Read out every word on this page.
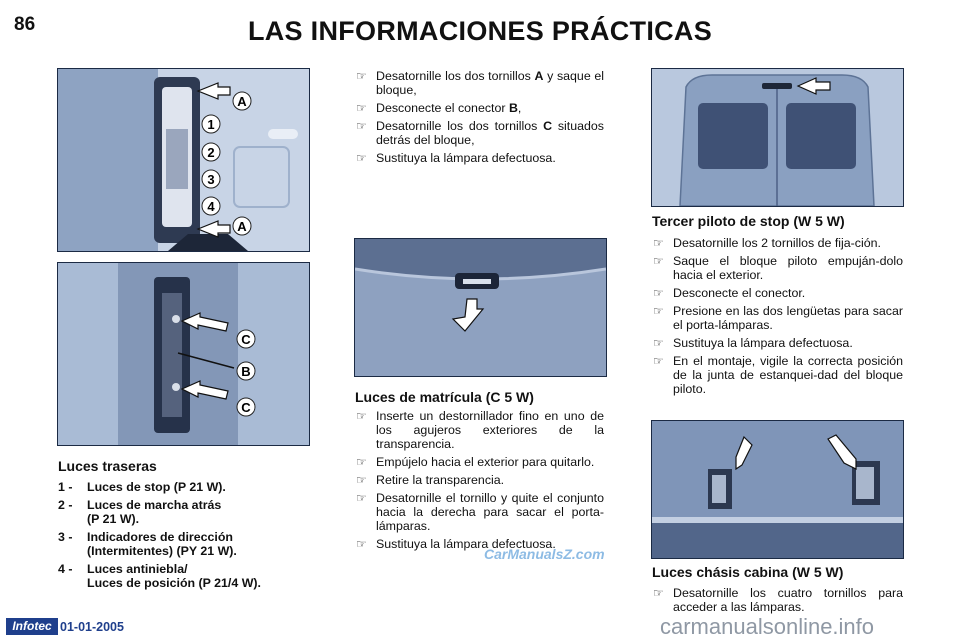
86	LAS INFORMACIONES PRÁCTICAS
A
1
2
3
4
A
C
B
C
Luces traseras
1 -	Luces de stop (P 21 W).
2 -	Luces de marcha atrás
(P 21 W).
3 -	Indicadores de dirección
(Intermitentes) (PY 21 W).
4 -	Luces antiniebla/
Luces de posición (P 21/4 W).
☞ Desatornille los dos tornillos A y saque el bloque,
☞ Desconecte el conector B,
☞ Desatornille los dos tornillos C situados detrás del bloque,
☞ Sustituya la lámpara defectuosa.
Luces de matrícula (C 5 W)
☞ Inserte un destornillador fino en uno de los agujeros exteriores de la transparencia.
☞ Empújelo hacia el exterior para quitarlo.
☞ Retire la transparencia.
☞ Desatornille el tornillo y quite el conjunto hacia la derecha para sacar el porta-lámparas.
☞ Sustituya la lámpara defectuosa.
CarManualsZ.com
Tercer piloto de stop (W 5 W)
☞ Desatornille los 2 tornillos de fija-ción.
☞ Saque el bloque piloto empuján-dolo hacia el exterior.
☞ Desconecte el conector.
☞ Presione en las dos lengüetas para sacar el porta-lámparas.
☞ Sustituya la lámpara defectuosa.
☞ En el montaje, vigile la correcta posición de la junta de estanquei-dad del bloque piloto.
Luces chásis cabina (W 5 W)
☞ Desatornille los cuatro tornillos para acceder a las lámparas.
Infotec 01-01-2005	carmanualsonline.info
